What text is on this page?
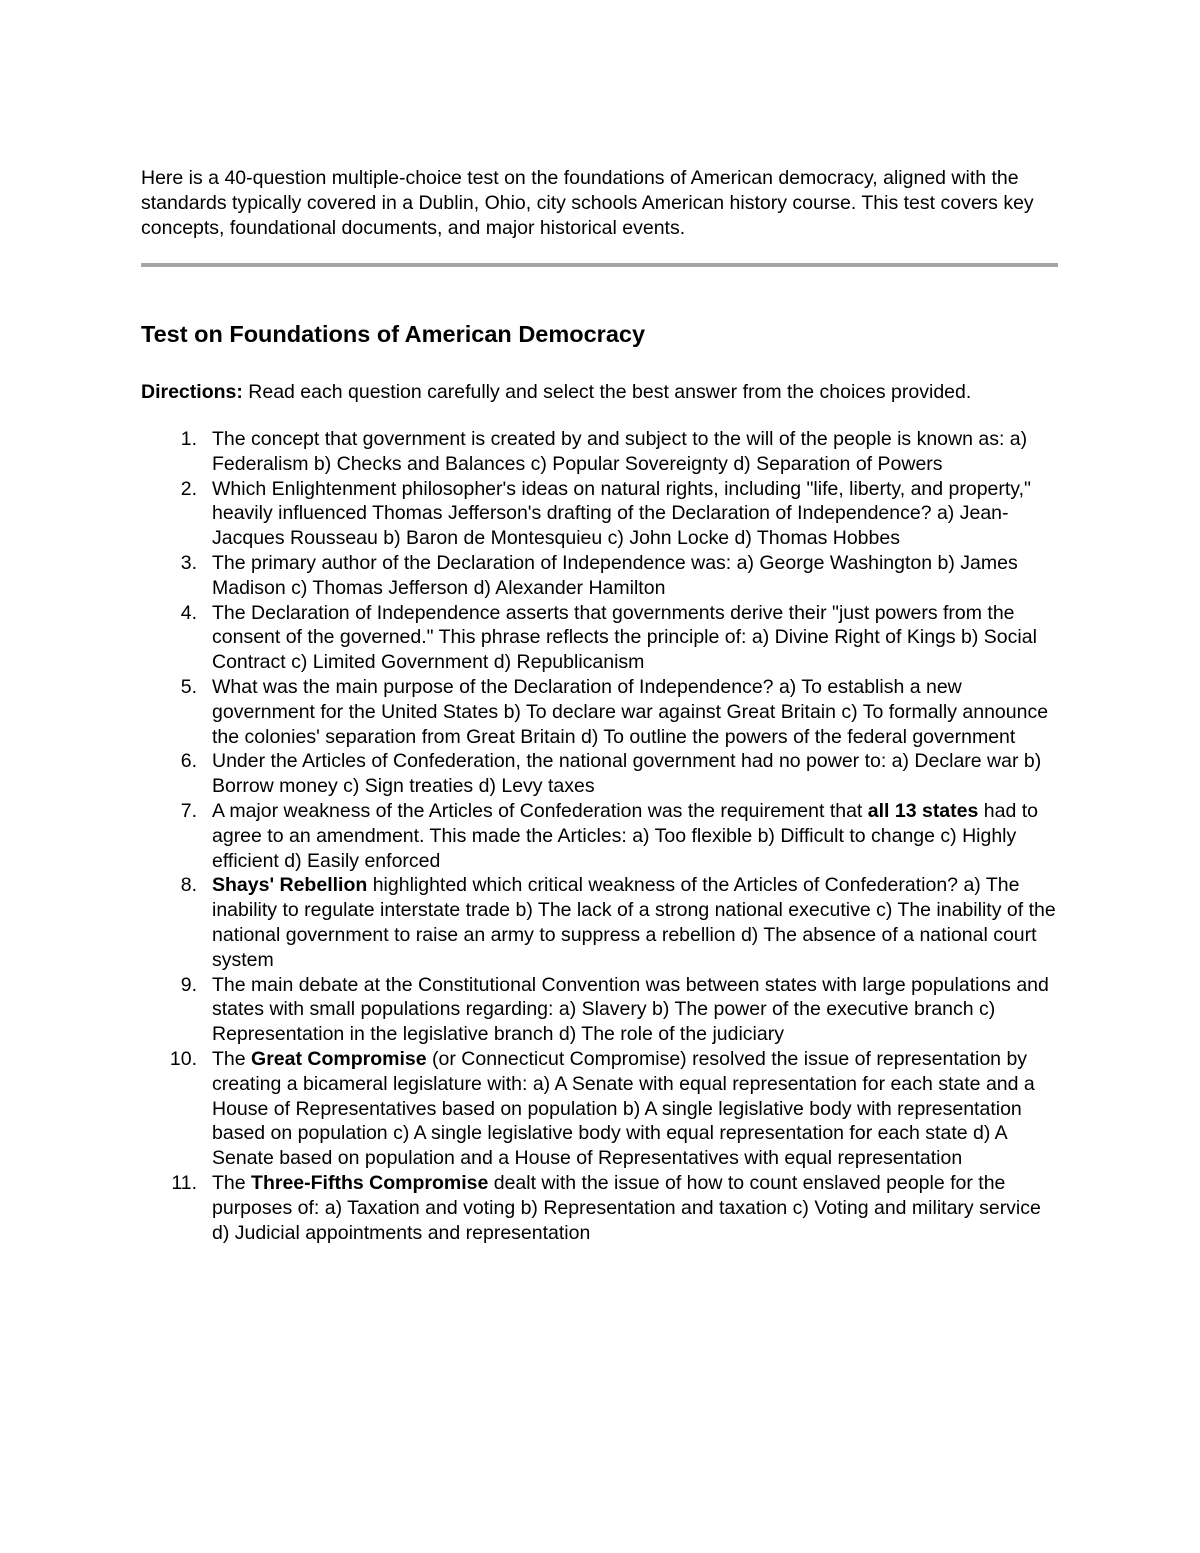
Here is a 40-question multiple-choice test on the foundations of American democracy, aligned with the standards typically covered in a Dublin, Ohio, city schools American history course. This test covers key concepts, foundational documents, and major historical events.

Test on Foundations of American Democracy

Directions: Read each question carefully and select the best answer from the choices provided.

1. The concept that government is created by and subject to the will of the people is known as: a) Federalism b) Checks and Balances c) Popular Sovereignty d) Separation of Powers
2. Which Enlightenment philosopher's ideas on natural rights, including "life, liberty, and property," heavily influenced Thomas Jefferson's drafting of the Declaration of Independence? a) Jean-Jacques Rousseau b) Baron de Montesquieu c) John Locke d) Thomas Hobbes
3. The primary author of the Declaration of Independence was: a) George Washington b) James Madison c) Thomas Jefferson d) Alexander Hamilton
4. The Declaration of Independence asserts that governments derive their "just powers from the consent of the governed." This phrase reflects the principle of: a) Divine Right of Kings b) Social Contract c) Limited Government d) Republicanism
5. What was the main purpose of the Declaration of Independence? a) To establish a new government for the United States b) To declare war against Great Britain c) To formally announce the colonies' separation from Great Britain d) To outline the powers of the federal government
6. Under the Articles of Confederation, the national government had no power to: a) Declare war b) Borrow money c) Sign treaties d) Levy taxes
7. A major weakness of the Articles of Confederation was the requirement that all 13 states had to agree to an amendment. This made the Articles: a) Too flexible b) Difficult to change c) Highly efficient d) Easily enforced
8. Shays' Rebellion highlighted which critical weakness of the Articles of Confederation? a) The inability to regulate interstate trade b) The lack of a strong national executive c) The inability of the national government to raise an army to suppress a rebellion d) The absence of a national court system
9. The main debate at the Constitutional Convention was between states with large populations and states with small populations regarding: a) Slavery b) The power of the executive branch c) Representation in the legislative branch d) The role of the judiciary
10. The Great Compromise (or Connecticut Compromise) resolved the issue of representation by creating a bicameral legislature with: a) A Senate with equal representation for each state and a House of Representatives based on population b) A single legislative body with representation based on population c) A single legislative body with equal representation for each state d) A Senate based on population and a House of Representatives with equal representation
11. The Three-Fifths Compromise dealt with the issue of how to count enslaved people for the purposes of: a) Taxation and voting b) Representation and taxation c) Voting and military service d) Judicial appointments and representation
